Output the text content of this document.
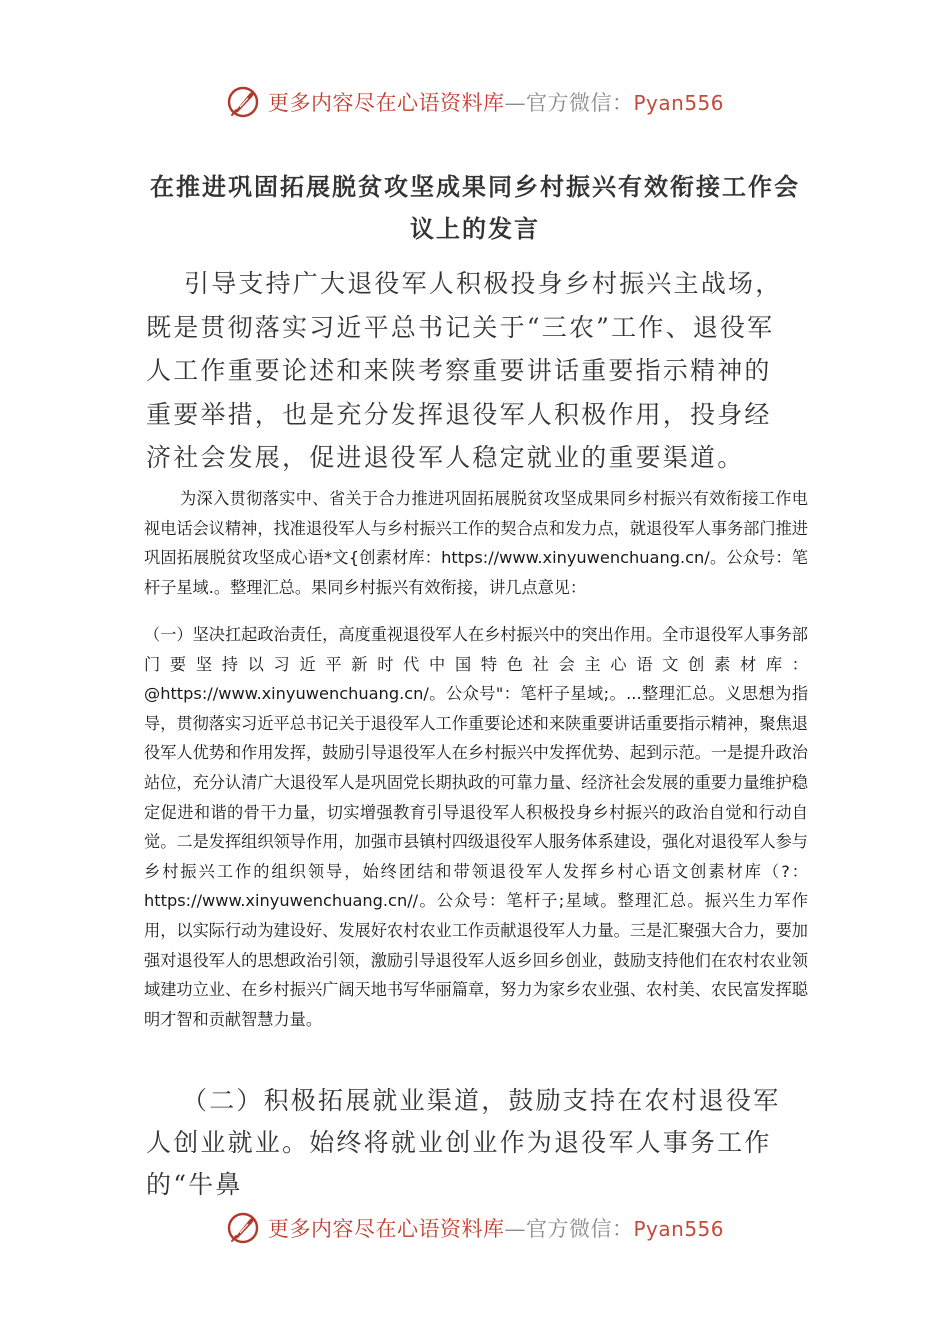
更多内容尽在心语资料库—官方微信：Pyan556
在推进巩固拓展脱贫攻坚成果同乡村振兴有效衔接工作会议上的发言

引导支持广大退役军人积极投身乡村振兴主战场，既是贯彻落实习近平总书记关于“三农”工作、退役军人工作重要论述和来陕考察重要讲话重要指示精神的重要举措，也是充分发挥退役军人积极作用，投身经济社会发展，促进退役军人稳定就业的重要渠道。

为深入贯彻落实中、省关于合力推进巩固拓展脱贫攻坚成果同乡村振兴有效衔接工作电视电话会议精神，找准退役军人与乡村振兴工作的契合点和发力点，就退役军人事务部门推进巩固拓展脱贫攻坚成心语*文{创素材库：https://www.xinyuwenchuang.cn/。公众号：笔杆子星域.。整理汇总。果同乡村振兴有效衔接，讲几点意见：

（一）坚决扛起政治责任，高度重视退役军人在乡村振兴中的突出作用。全市退役军人事务部门要坚持以习近平新时代中国特色社会主心语文创素材库：@https://www.xinyuwenchuang.cn/。公众号"：笔杆子星域;。...整理汇总。义思想为指导，贯彻落实习近平总书记关于退役军人工作重要论述和来陕重要讲话重要指示精神，聚焦退役军人优势和作用发挥，鼓励引导退役军人在乡村振兴中发挥优势、起到示范。一是提升政治站位，充分认清广大退役军人是巩固党长期执政的可靠力量、经济社会发展的重要力量维护稳定促进和谐的骨干力量，切实增强教育引导退役军人积极投身乡村振兴的政治自觉和行动自觉。二是发挥组织领导作用，加强市县镇村四级退役军人服务体系建设，强化对退役军人参与乡村振兴工作的组织领导，始终团结和带领退役军人发挥乡村心语文创素材库（?：https://www.xinyuwenchuang.cn//。公众号：笔杆子;星域。整理汇总。振兴生力军作用，以实际行动为建设好、发展好农村农业工作贡献退役军人力量。三是汇聚强大合力，要加强对退役军人的思想政治引领，激励引导退役军人返乡回乡创业，鼓励支持他们在农村农业领域建功立业、在乡村振兴广阔天地书写华丽篇章，努力为家乡农业强、农村美、农民富发挥聪明才智和贡献智慧力量。

（二）积极拓展就业渠道，鼓励支持在农村退役军人创业就业。始终将就业创业作为退役军人事务工作的“牛鼻

更多内容尽在心语资料库—官方微信：Pyan556
